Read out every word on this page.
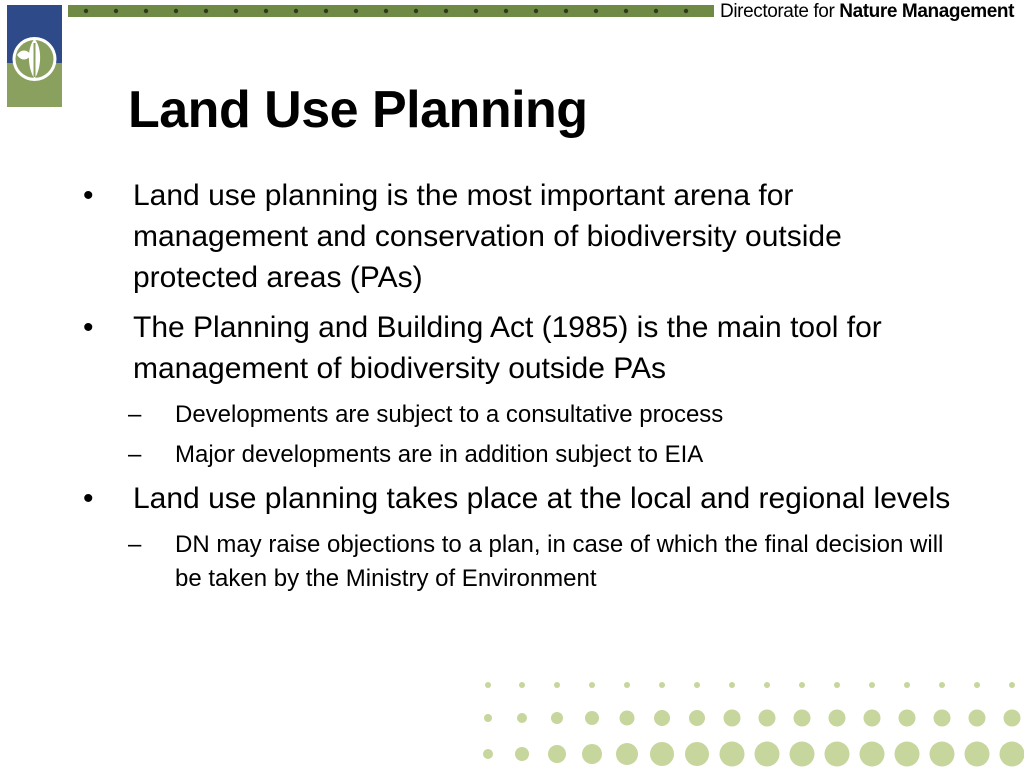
Directorate for Nature Management
Land Use Planning
• Land use planning is the most important arena for management and conservation of biodiversity outside protected areas (PAs)
• The Planning and Building Act (1985) is the main tool for management of biodiversity outside PAs
– Developments are subject to a consultative process
– Major developments are in addition subject to EIA
• Land use planning takes place at the local and regional levels
– DN may raise objections to a plan, in case of which the final decision will be taken by the Ministry of Environment
